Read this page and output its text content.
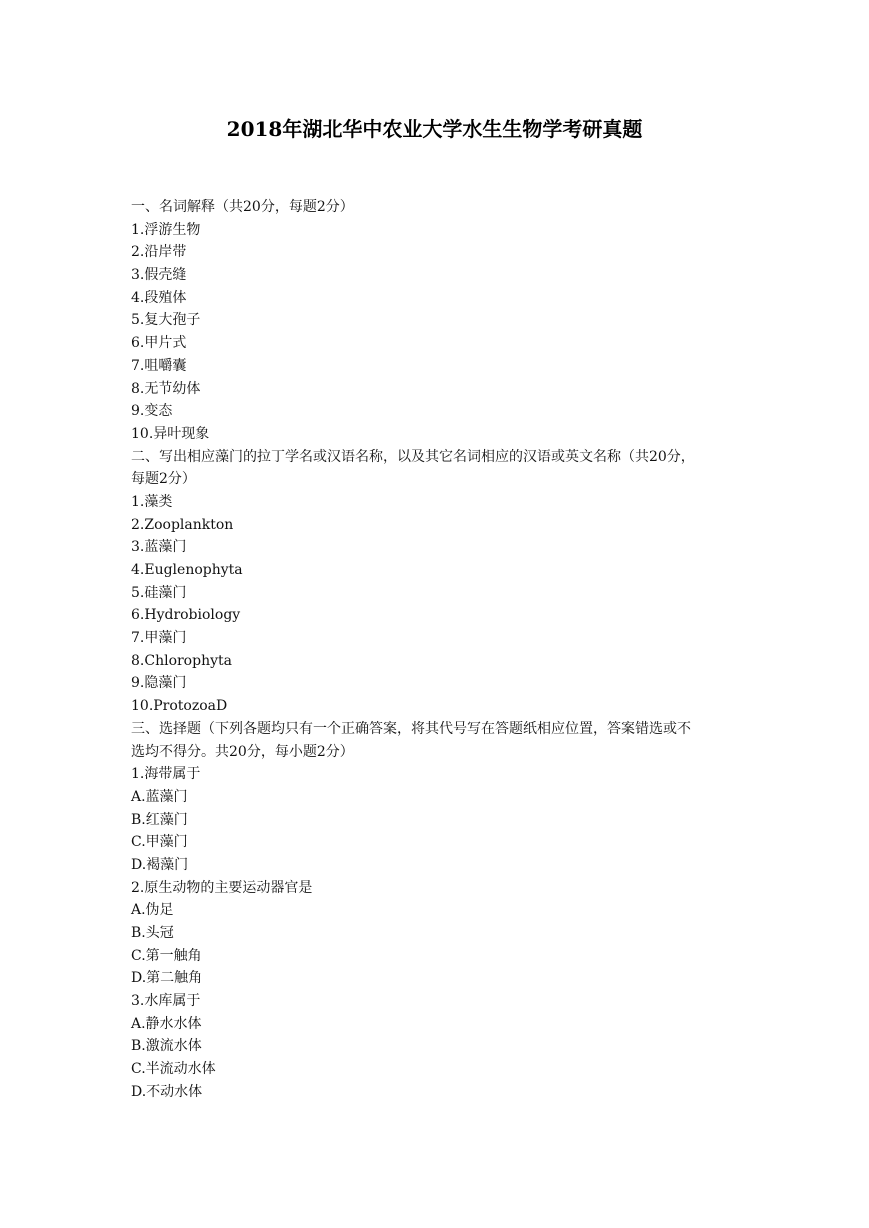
2018年湖北华中农业大学水生生物学考研真题
一、名词解释（共20分，每题2分）
1.浮游生物
2.沿岸带
3.假壳缝
4.段殖体
5.复大孢子
6.甲片式
7.咀嚼囊
8.无节幼体
9.变态
10.异叶现象
二、写出相应藻门的拉丁学名或汉语名称，以及其它名词相应的汉语或英文名称（共20分，
每题2分）
1.藻类
2.Zooplankton
3.蓝藻门
4.Euglenophyta
5.硅藻门
6.Hydrobiology
7.甲藻门
8.Chlorophyta
9.隐藻门
10.ProtozoaD
三、选择题（下列各题均只有一个正确答案，将其代号写在答题纸相应位置，答案错选或不
选均不得分。共20分，每小题2分）
1.海带属于
A.蓝藻门
B.红藻门
C.甲藻门
D.褐藻门
2.原生动物的主要运动器官是
A.伪足
B.头冠
C.第一触角
D.第二触角
3.水库属于
A.静水水体
B.激流水体
C.半流动水体
D.不动水体
